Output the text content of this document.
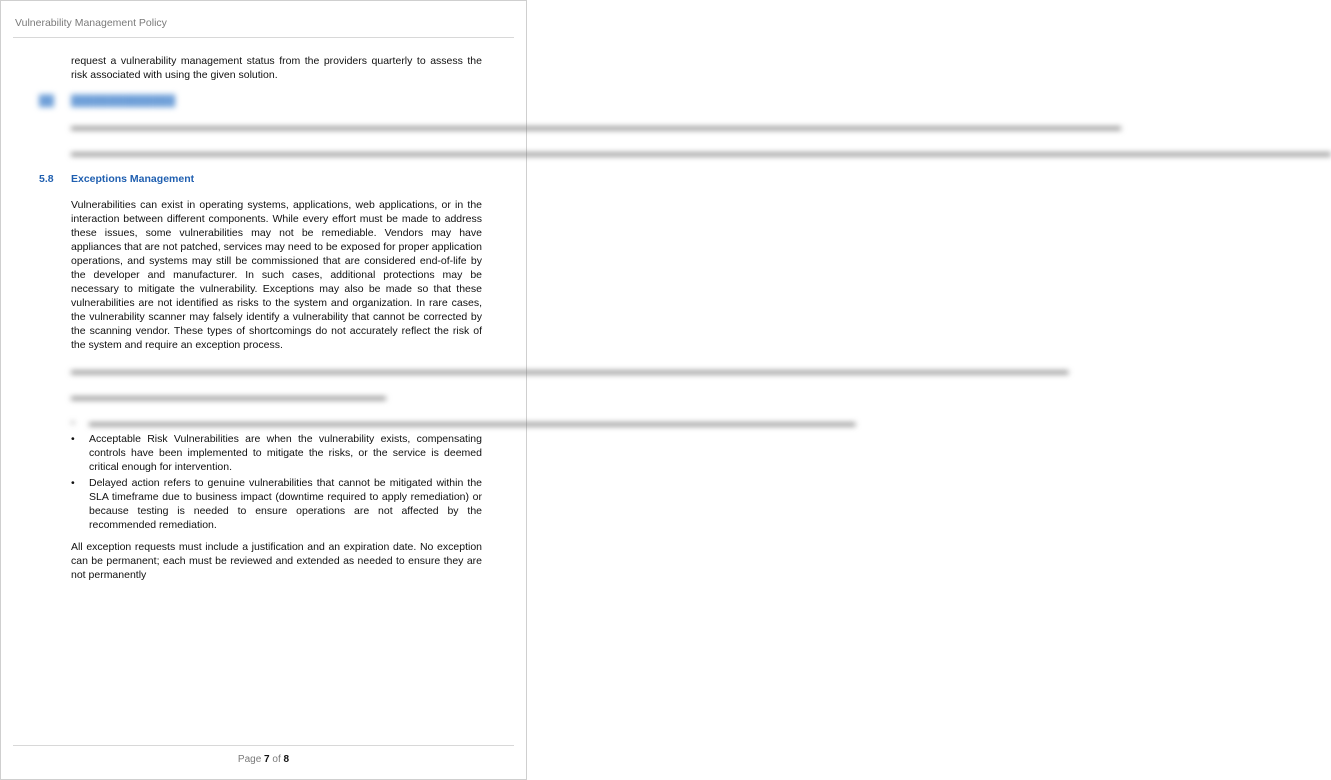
Vulnerability Management Policy

request a vulnerability management status from the providers quarterly to assess the risk associated with using the given solution.

██ ██████████████

▬▬▬▬▬▬▬▬▬▬▬▬▬▬▬▬▬▬▬▬▬▬▬▬▬▬▬▬▬▬▬▬▬▬▬▬▬▬▬▬▬▬▬▬▬▬▬▬▬▬▬▬▬▬▬▬▬▬▬▬▬▬▬▬▬▬▬▬▬▬▬▬▬▬▬▬▬▬▬▬▬▬▬▬▬▬▬▬▬▬▬▬▬▬▬▬▬▬▬▬

▬▬▬▬▬▬▬▬▬▬▬▬▬▬▬▬▬▬▬▬▬▬▬▬▬▬▬▬▬▬▬▬▬▬▬▬▬▬▬▬▬▬▬▬▬▬▬▬▬▬▬▬▬▬▬▬▬▬▬▬▬▬▬▬▬▬▬▬▬▬▬▬▬▬▬▬▬▬▬▬▬▬▬▬▬▬▬▬▬▬▬▬▬▬▬▬▬▬▬▬▬▬▬▬▬▬▬▬▬▬▬▬▬▬▬▬▬▬▬▬

5.8 Exceptions Management

Vulnerabilities can exist in operating systems, applications, web applications, or in the interaction between different components. While every effort must be made to address these issues, some vulnerabilities may not be remediable. Vendors may have appliances that are not patched, services may need to be exposed for proper application operations, and systems may still be commissioned that are considered end-of-life by the developer and manufacturer. In such cases, additional protections may be necessary to mitigate the vulnerability. Exceptions may also be made so that these vulnerabilities are not identified as risks to the system and organization. In rare cases, the vulnerability scanner may falsely identify a vulnerability that cannot be corrected by the scanning vendor. These types of shortcomings do not accurately reflect the risk of the system and require an exception process.

▬▬▬▬▬▬▬▬▬▬▬▬▬▬▬▬▬▬▬▬▬▬▬▬▬▬▬▬▬▬▬▬▬▬▬▬▬▬▬▬▬▬▬▬▬▬▬▬▬▬▬▬▬▬▬▬▬▬▬▬▬▬▬▬▬▬▬▬▬▬▬▬▬▬▬▬▬▬▬▬▬▬▬▬▬▬▬▬▬▬▬▬▬▬▬

▬▬▬▬▬▬▬▬▬▬▬▬▬▬▬▬▬▬▬▬▬▬▬▬▬▬▬▬▬▬

• ▬▬▬▬▬▬▬▬▬▬▬▬▬▬▬▬▬▬▬▬▬▬▬▬▬▬▬▬▬▬▬▬▬▬▬▬▬▬▬▬▬▬▬▬▬▬▬▬▬▬▬▬▬▬▬▬▬▬▬▬▬▬▬▬▬▬▬▬▬▬▬▬▬
• Acceptable Risk Vulnerabilities are when the vulnerability exists, compensating controls have been implemented to mitigate the risks, or the service is deemed critical enough for intervention.
• Delayed action refers to genuine vulnerabilities that cannot be mitigated within the SLA timeframe due to business impact (downtime required to apply remediation) or because testing is needed to ensure operations are not affected by the recommended remediation.

All exception requests must include a justification and an expiration date. No exception can be permanent; each must be reviewed and extended as needed to ensure they are not permanently

Page 7 of 8
